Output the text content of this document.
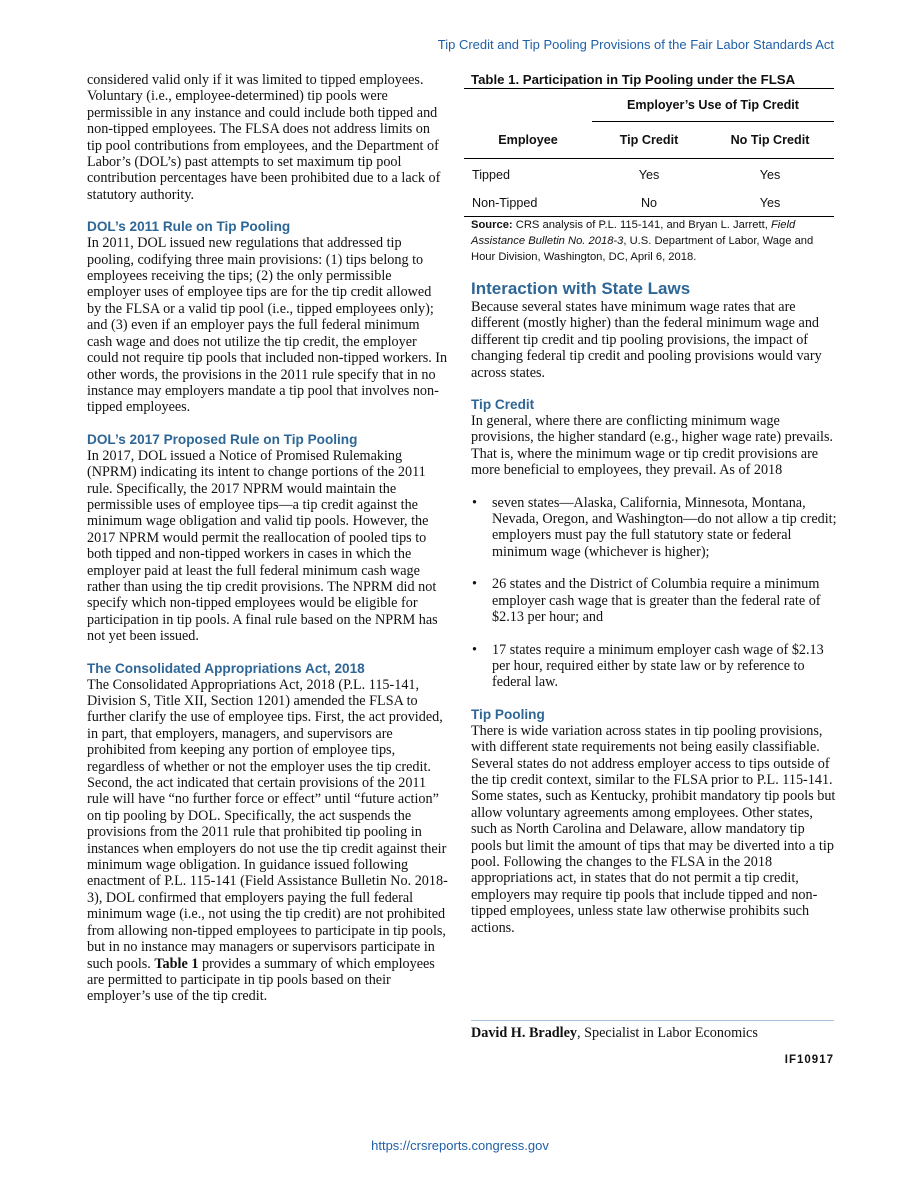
Tip Credit and Tip Pooling Provisions of the Fair Labor Standards Act

considered valid only if it was limited to tipped employees. Voluntary (i.e., employee-determined) tip pools were permissible in any instance and could include both tipped and non-tipped employees. The FLSA does not address limits on tip pool contributions from employees, and the Department of Labor’s (DOL’s) past attempts to set maximum tip pool contribution percentages have been prohibited due to a lack of statutory authority.

DOL’s 2011 Rule on Tip Pooling

In 2011, DOL issued new regulations that addressed tip pooling, codifying three main provisions: (1) tips belong to employees receiving the tips; (2) the only permissible employer uses of employee tips are for the tip credit allowed by the FLSA or a valid tip pool (i.e., tipped employees only); and (3) even if an employer pays the full federal minimum cash wage and does not utilize the tip credit, the employer could not require tip pools that included non-tipped workers. In other words, the provisions in the 2011 rule specify that in no instance may employers mandate a tip pool that involves non-tipped employees.

DOL’s 2017 Proposed Rule on Tip Pooling

In 2017, DOL issued a Notice of Promised Rulemaking (NPRM) indicating its intent to change portions of the 2011 rule. Specifically, the 2017 NPRM would maintain the permissible uses of employee tips—a tip credit against the minimum wage obligation and valid tip pools. However, the 2017 NPRM would permit the reallocation of pooled tips to both tipped and non-tipped workers in cases in which the employer paid at least the full federal minimum cash wage rather than using the tip credit provisions. The NPRM did not specify which non-tipped employees would be eligible for participation in tip pools. A final rule based on the NPRM has not yet been issued.

The Consolidated Appropriations Act, 2018

The Consolidated Appropriations Act, 2018 (P.L. 115-141, Division S, Title XII, Section 1201) amended the FLSA to further clarify the use of employee tips. First, the act provided, in part, that employers, managers, and supervisors are prohibited from keeping any portion of employee tips, regardless of whether or not the employer uses the tip credit. Second, the act indicated that certain provisions of the 2011 rule will have “no further force or effect” until “future action” on tip pooling by DOL. Specifically, the act suspends the provisions from the 2011 rule that prohibited tip pooling in instances when employers do not use the tip credit against their minimum wage obligation. In guidance issued following enactment of P.L. 115-141 (Field Assistance Bulletin No. 2018-3), DOL confirmed that employers paying the full federal minimum wage (i.e., not using the tip credit) are not prohibited from allowing non-tipped employees to participate in tip pools, but in no instance may managers or supervisors participate in such pools. Table 1 provides a summary of which employees are permitted to participate in tip pools based on their employer’s use of the tip credit.

Table 1. Participation in Tip Pooling under the FLSA

	Employer’s Use of Tip Credit	
Employee	Tip Credit	No Tip Credit
Tipped	Yes	Yes
Non-Tipped	No	Yes

Source: CRS analysis of P.L. 115-141, and Bryan L. Jarrett, Field Assistance Bulletin No. 2018-3, U.S. Department of Labor, Wage and Hour Division, Washington, DC, April 6, 2018.

Interaction with State Laws

Because several states have minimum wage rates that are different (mostly higher) than the federal minimum wage and different tip credit and tip pooling provisions, the impact of changing federal tip credit and pooling provisions would vary across states.

Tip Credit

In general, where there are conflicting minimum wage provisions, the higher standard (e.g., higher wage rate) prevails. That is, where the minimum wage or tip credit provisions are more beneficial to employees, they prevail. As of 2018

• seven states—Alaska, California, Minnesota, Montana, Nevada, Oregon, and Washington—do not allow a tip credit; employers must pay the full statutory state or federal minimum wage (whichever is higher);
• 26 states and the District of Columbia require a minimum employer cash wage that is greater than the federal rate of $2.13 per hour; and
• 17 states require a minimum employer cash wage of $2.13 per hour, required either by state law or by reference to federal law.

Tip Pooling

There is wide variation across states in tip pooling provisions, with different state requirements not being easily classifiable. Several states do not address employer access to tips outside of the tip credit context, similar to the FLSA prior to P.L. 115-141. Some states, such as Kentucky, prohibit mandatory tip pools but allow voluntary agreements among employees. Other states, such as North Carolina and Delaware, allow mandatory tip pools but limit the amount of tips that may be diverted into a tip pool. Following the changes to the FLSA in the 2018 appropriations act, in states that do not permit a tip credit, employers may require tip pools that include tipped and non-tipped employees, unless state law otherwise prohibits such actions.

David H. Bradley, Specialist in Labor Economics
IF10917
https://crsreports.congress.gov
